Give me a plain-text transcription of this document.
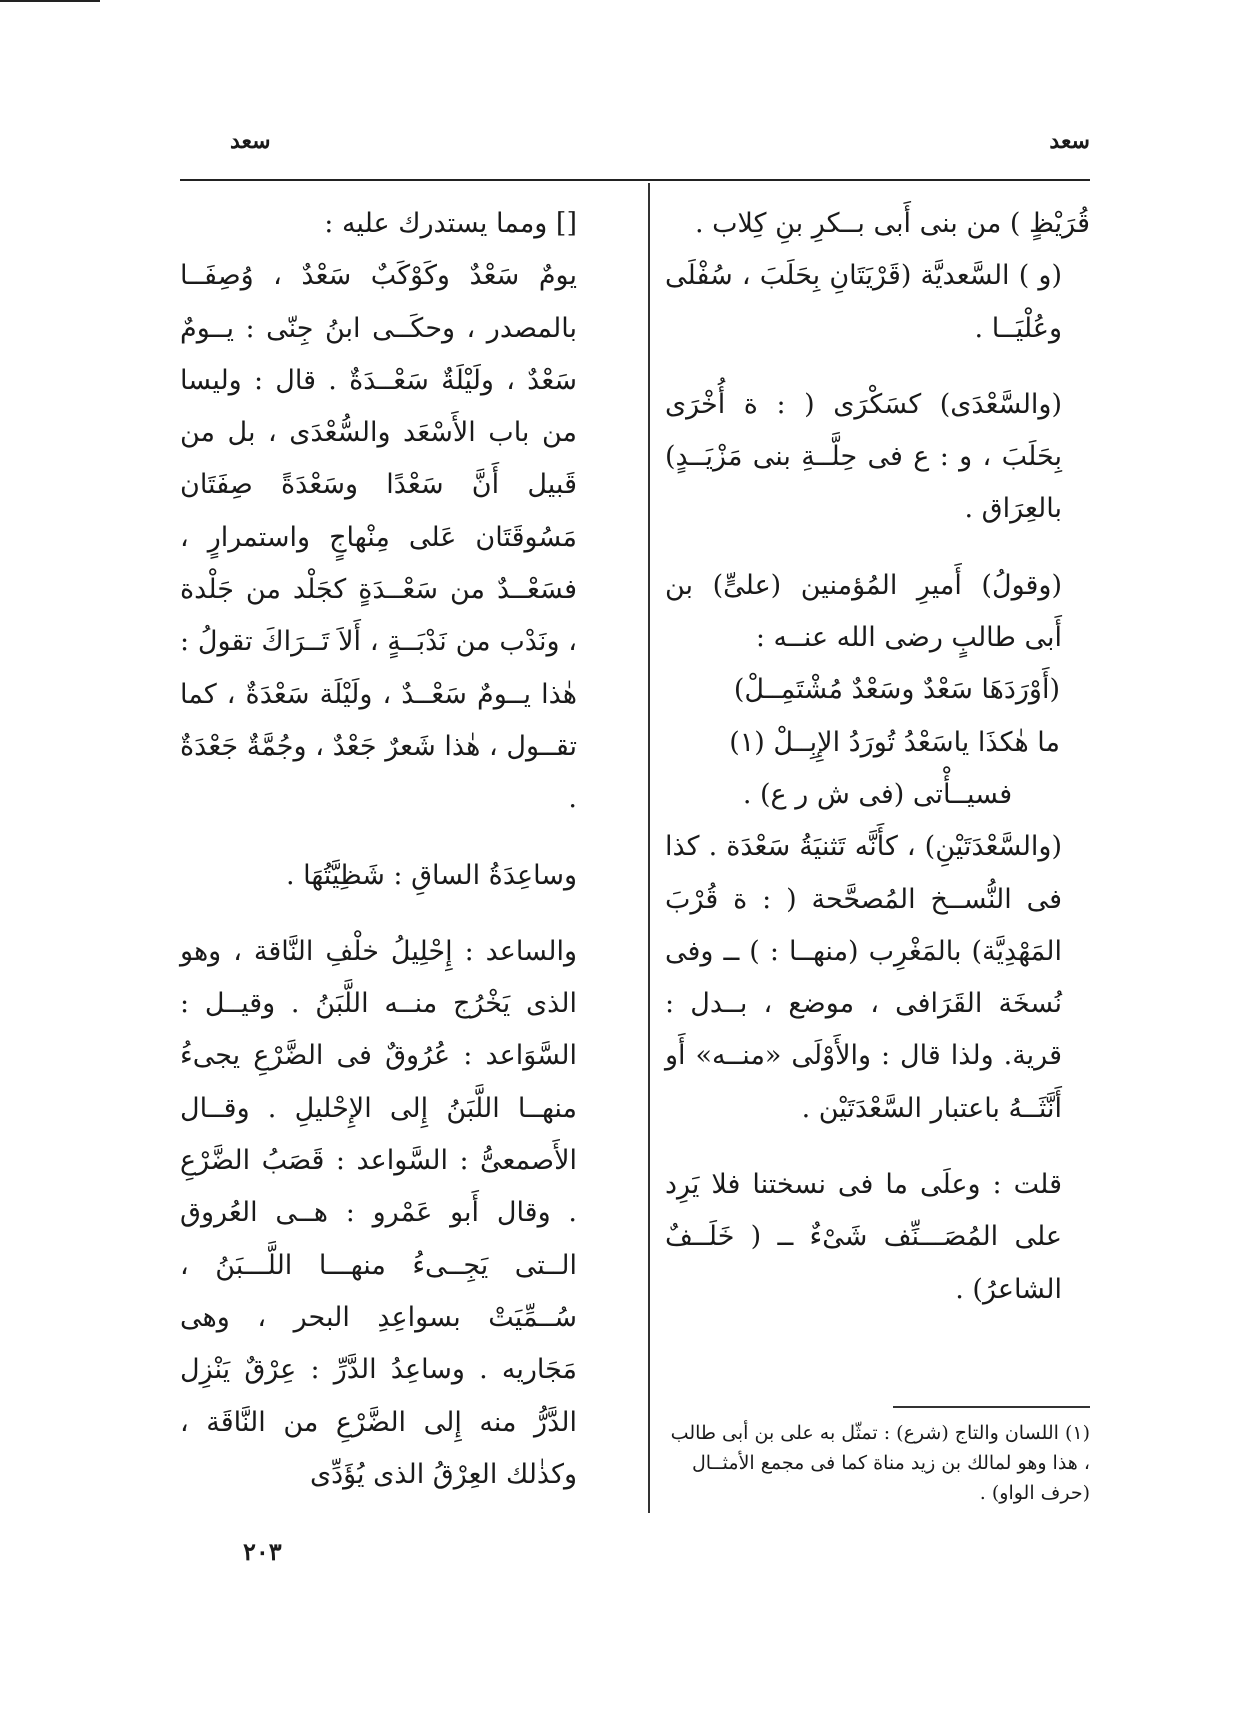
سعد
سعد

قُرَيْظٍ ) من بنى أَبى بــكرِ بنِ كِلاب .

(و ) السَّعديَّة (قَرْيَتَانِ بِحَلَبَ ، سُفْلَى وعُلْيَــا .

(والسَّعْدَى) كسَكْرَى ( : ة أُخْرَى بِحَلَبَ ، و : ع فى حِلَّــةِ بنى مَزْيَــدٍ) بالعِرَاق .

(وقولُ) أَميرِ المُؤمنين (علىٍّ) بن أَبى طالبٍ رضى الله عنــه :

(أَوْرَدَهَا سَعْدٌ وسَعْدٌ مُشْتَمِــلْ)

ما هٰكذَا ياسَعْدُ تُورَدُ الإِبِــلْ (١)

فسيــأْتى (فى ش ر ع) .

(والسَّعْدَتَيْنِ) ، كأَنَّه تَثنيَةُ سَعْدَة . كذا فى النُّســخ المُصحَّحة ( : ة قُرْبَ المَهْدِيَّة) بالمَغْرِب (منهــا : ) ــ وفى نُسخَة القَرَافى ، موضع ، بــدل : قرية. ولذا قال : والأَوْلَى «منــه» أَو أَنَّثَــهُ باعتبار السَّعْدَتَيْن .

قلت : وعلَى ما فى نسختنا فلا يَرِد على المُصَـــنِّف شَىْءٌ ــ ( خَلَــفٌ الشاعرُ) .

[] ومما يستدرك عليه :

يومٌ سَعْدٌ وكَوْكَبٌ سَعْدٌ ، وُصِفَــا بالمصدر ، وحكَــى ابنُ جِنّى : يــومٌ سَعْدٌ ، ولَيْلَةٌ سَعْــدَةٌ . قال : وليسا من باب الأَسْعَد والسُّعْدَى ، بل من قَبيل أَنَّ سَعْدًا وسَعْدَةً صِفَتَان مَسُوقَتَان عَلى مِنْهاجٍ واستمرارٍ ، فسَعْــدٌ من سَعْــدَةٍ كجَلْد من جَلْدة ، ونَدْب من نَدْبَــةٍ ، أَلاَ تَــرَاكَ تقولُ : هٰذا يــومٌ سَعْــدٌ ، ولَيْلَة سَعْدَةٌ ، كما تقــول ، هٰذا شَعرٌ جَعْدٌ ، وجُمَّةٌ جَعْدَةٌ .

وساعِدَةُ الساقِ : شَظِيَّتُهَا .

والساعد : إِحْلِيلُ خلْفِ النَّاقة ، وهو الذى يَخْرُج منــه اللَّبَنُ . وقيــل : السَّوَاعد : عُرُوقٌ فى الضَّرْعِ يجىءُ منهــا اللَّبَنُ إِلى الإِحْليلِ . وقــال الأَصمعىُّ : السَّواعد : قَصَبُ الضَّرْعِ . وقال أَبو عَمْرو : هــى العُروق الــتى يَجِــىءُ منهـــا اللَّـــبَنُ ، سُــمِّيَتْ بسواعِدِ البحر ، وهى مَجَاريه . وساعِدُ الدَّرِّ : عِرْقٌ يَنْزِل الدَّرُّ منه إِلى الضَّرْعِ من النَّاقَة ، وكذٰلك العِرْقُ الذى يُؤَدِّى

(١) اللسان والتاج (شرع) : تمثّل به على بن أبى طالب ، هذا وهو لمالك بن زيد مناة كما فى مجمع الأمثــال (حرف الواو) .

٢٠٣
